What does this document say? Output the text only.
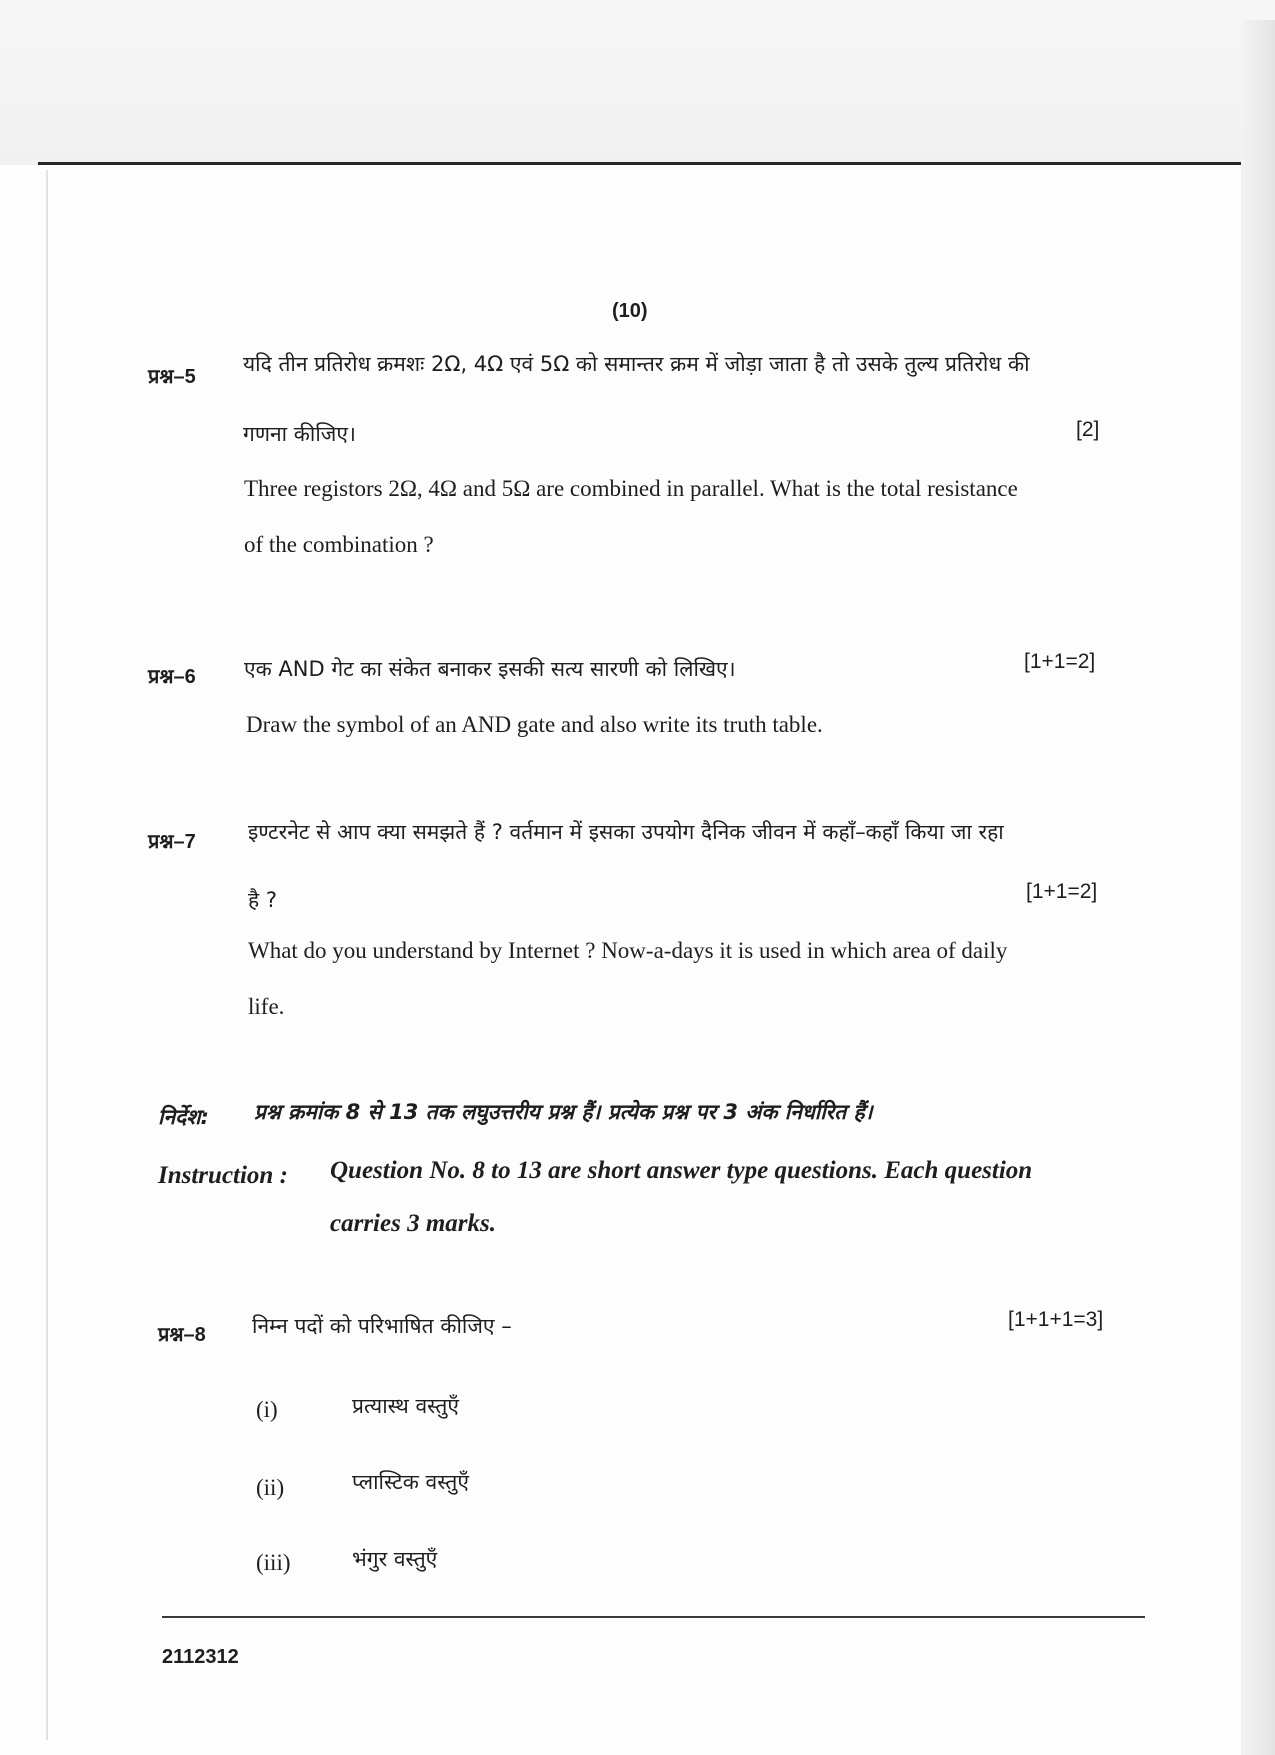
(10)
प्रश्न–5
यदि तीन प्रतिरोध क्रमशः 2Ω, 4Ω एवं 5Ω को समान्तर क्रम में जोड़ा जाता है तो उसके तुल्य प्रतिरोध की
गणना कीजिए।	[2]
Three registors 2Ω, 4Ω and 5Ω are combined in parallel. What is the total resistance
of the combination ?
प्रश्न–6 एक AND गेट का संकेत बनाकर इसकी सत्य सारणी को लिखिए।	[1+1=2]
Draw the symbol of an AND gate and also write its truth table.
प्रश्न–7 इण्टरनेट से आप क्या समझते हैं ? वर्तमान में इसका उपयोग दैनिक जीवन में कहाँ–कहाँ किया जा रहा
है ?	[1+1=2]
What do you understand by Internet ? Now-a-days it is used in which area of daily
life.
निर्देश: प्रश्न क्रमांक 8 से 13 तक लघुउत्तरीय प्रश्न हैं। प्रत्येक प्रश्न पर 3 अंक निर्धारित हैं।
Instruction : Question No. 8 to 13 are short answer type questions. Each question
carries 3 marks.
प्रश्न–8 निम्न पदों को परिभाषित कीजिए –	[1+1+1=3]
(i)	प्रत्यास्थ वस्तुएँ
(ii)	प्लास्टिक वस्तुएँ
(iii)	भंगुर वस्तुएँ
2112312
